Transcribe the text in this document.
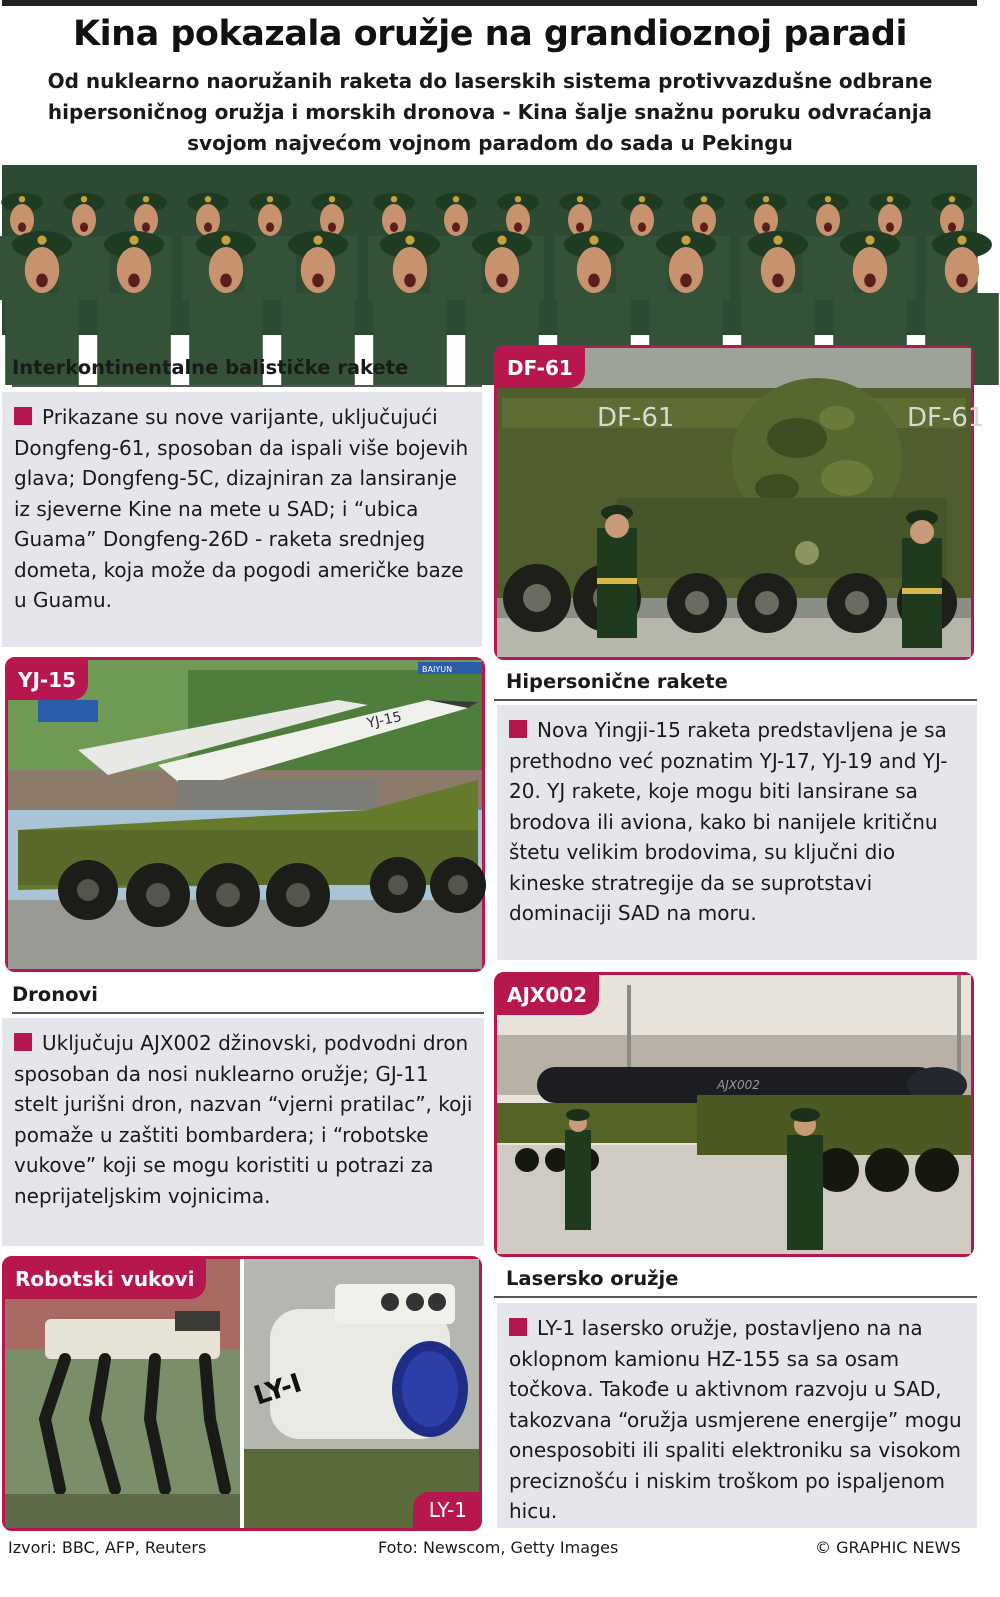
Kina pokazala oružje na grandioznoj paradi

Od nuklearno naoružanih raketa do laserskih sistema protivvazdušne odbrane hipersoničnog oružja i morskih dronova - Kina šalje snažnu poruku odvraćanja svojom najvećom vojnom paradom do sada u Pekingu

Interkontinentalne balističke rakete
Prikazane su nove varijante, uključujući Dongfeng-61, sposoban da ispali više bojevih glava; Dongfeng-5C, dizajniran za lansiranje iz sjeverne Kine na mete u SAD; i “ubica Guama” Dongfeng-26D - raketa srednjeg dometa, koja može da pogodi američke baze u Guamu.
DF-61
DF-61	DF-61
YJ-15	BAIYUN
YJ-15
Hipersonične rakete
Nova Yingji-15 raketa predstavljena je sa prethodno već poznatim YJ-17, YJ-19 and YJ-20. YJ rakete, koje mogu biti lansirane sa brodova ili aviona, kako bi nanijele kritičnu štetu velikim brodovima, su ključni dio kineske stratregije da se suprotstavi dominaciji SAD na moru.
Dronovi
Uključuju AJX002 džinovski, podvodni dron sposoban da nosi nuklearno oružje; GJ-11 stelt jurišni dron, nazvan “vjerni pratilac”, koji pomaže u zaštiti bombardera; i “robotske vukove” koji se mogu koristiti u potrazi za neprijateljskim vojnicima.
AJX002
AJX002
Lasersko oružje
LY-1 lasersko oružje, postavljeno na na oklopnom kamionu HZ-155 sa sa osam točkova. Takođe u aktivnom razvoju u SAD, takozvana “oružja usmjerene energije” mogu onesposobiti ili spaliti elektroniku sa visokom preciznošću i niskim troškom po ispaljenom hicu.
Robotski vukovi
LY-I
LY-1
Izvori: BBC, AFP, Reuters	Foto: Newscom, Getty Images	© GRAPHIC NEWS
